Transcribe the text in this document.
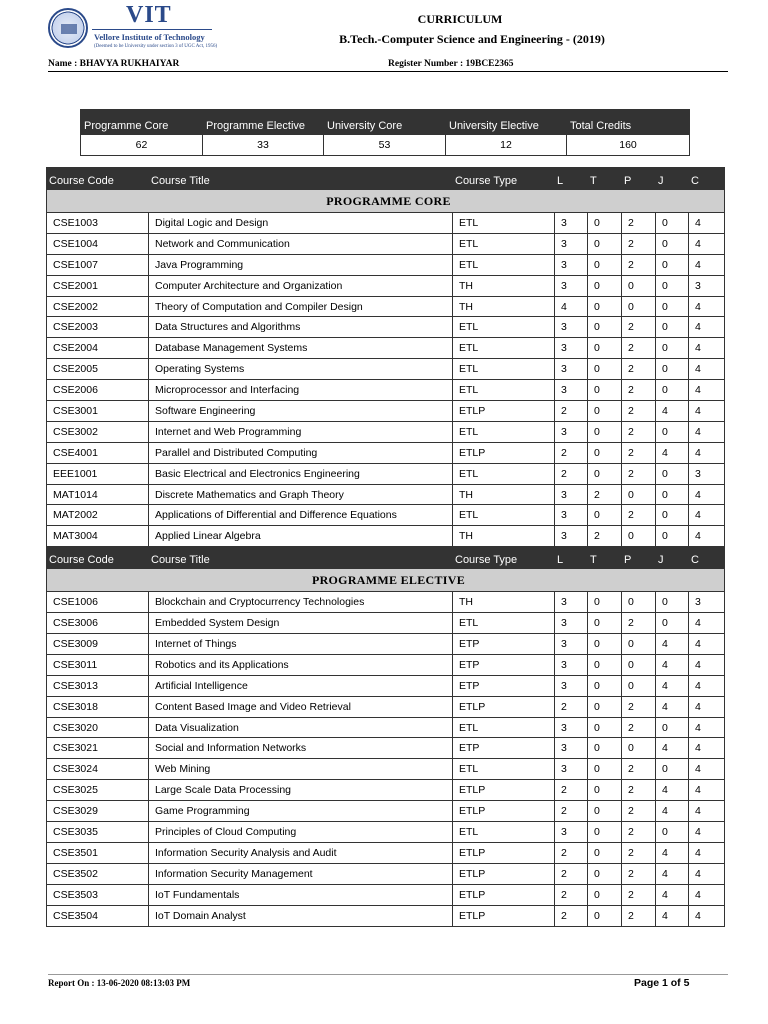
VIT
Vellore Institute of Technology
(Deemed to be University under section 3 of UGC Act, 1956)
CURRICULUM
B.Tech.-Computer Science and Engineering - (2019)
Name : BHAVYA RUKHAIYAR	Register Number : 19BCE2365
Programme Core	Programme Elective	University Core	University Elective	Total Credits
62	33	53	12	160
Course Code	Course Title	Course Type	L	T	P	J	C
PROGRAMME CORE							
CSE1003	Digital Logic and Design	ETL	3	0	2	0	4
CSE1004	Network and Communication	ETL	3	0	2	0	4
CSE1007	Java Programming	ETL	3	0	2	0	4
CSE2001	Computer Architecture and Organization	TH	3	0	0	0	3
CSE2002	Theory of Computation and Compiler Design	TH	4	0	0	0	4
CSE2003	Data Structures and Algorithms	ETL	3	0	2	0	4
CSE2004	Database Management Systems	ETL	3	0	2	0	4
CSE2005	Operating Systems	ETL	3	0	2	0	4
CSE2006	Microprocessor and Interfacing	ETL	3	0	2	0	4
CSE3001	Software Engineering	ETLP	2	0	2	4	4
CSE3002	Internet and Web Programming	ETL	3	0	2	0	4
CSE4001	Parallel and Distributed Computing	ETLP	2	0	2	4	4
EEE1001	Basic Electrical and Electronics Engineering	ETL	2	0	2	0	3
MAT1014	Discrete Mathematics and Graph Theory	TH	3	2	0	0	4
MAT2002	Applications of Differential and Difference Equations	ETL	3	0	2	0	4
MAT3004	Applied Linear Algebra	TH	3	2	0	0	4
Course Code	Course Title	Course Type	L	T	P	J	C
PROGRAMME ELECTIVE							
CSE1006	Blockchain and Cryptocurrency Technologies	TH	3	0	0	0	3
CSE3006	Embedded System Design	ETL	3	0	2	0	4
CSE3009	Internet of Things	ETP	3	0	0	4	4
CSE3011	Robotics and its Applications	ETP	3	0	0	4	4
CSE3013	Artificial Intelligence	ETP	3	0	0	4	4
CSE3018	Content Based Image and Video Retrieval	ETLP	2	0	2	4	4
CSE3020	Data Visualization	ETL	3	0	2	0	4
CSE3021	Social and Information Networks	ETP	3	0	0	4	4
CSE3024	Web Mining	ETL	3	0	2	0	4
CSE3025	Large Scale Data Processing	ETLP	2	0	2	4	4
CSE3029	Game Programming	ETLP	2	0	2	4	4
CSE3035	Principles of Cloud Computing	ETL	3	0	2	0	4
CSE3501	Information Security Analysis and Audit	ETLP	2	0	2	4	4
CSE3502	Information Security Management	ETLP	2	0	2	4	4
CSE3503	IoT Fundamentals	ETLP	2	0	2	4	4
CSE3504	IoT Domain Analyst	ETLP	2	0	2	4	4
Report On : 13-06-2020 08:13:03 PM	Page 1 of 5
